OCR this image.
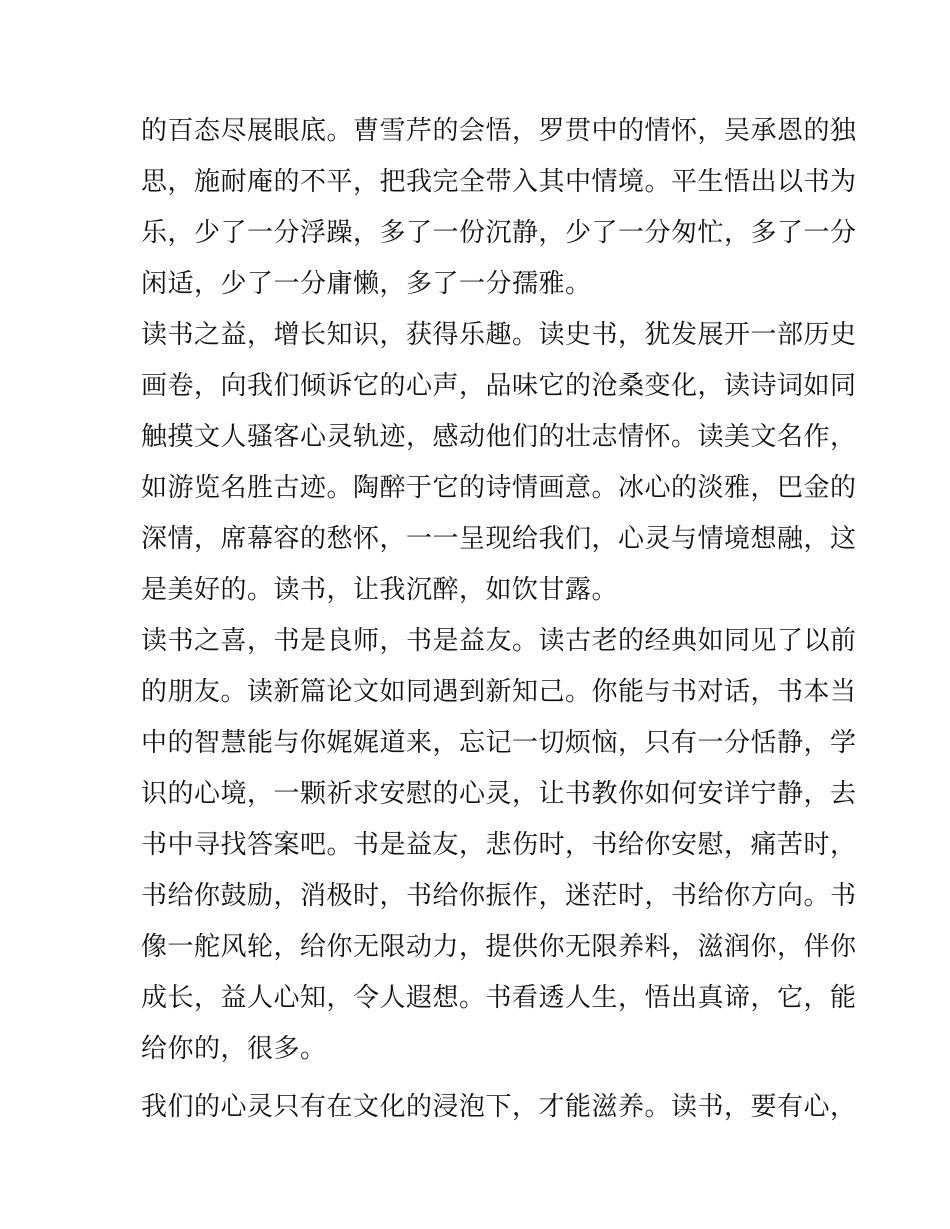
的百态尽展眼底。曹雪芹的会悟，罗贯中的情怀，吴承恩的独
思，施耐庵的不平，把我完全带入其中情境。平生悟出以书为
乐，少了一分浮躁，多了一份沉静，少了一分匆忙，多了一分
闲适，少了一分庸懒，多了一分孺雅。
读书之益，增长知识，获得乐趣。读史书，犹发展开一部历史
画卷，向我们倾诉它的心声，品味它的沧桑变化，读诗词如同
触摸文人骚客心灵轨迹，感动他们的壮志情怀。读美文名作，
如游览名胜古迹。陶醉于它的诗情画意。冰心的淡雅，巴金的
深情，席幕容的愁怀，一一呈现给我们，心灵与情境想融，这
是美好的。读书，让我沉醉，如饮甘露。
读书之喜，书是良师，书是益友。读古老的经典如同见了以前
的朋友。读新篇论文如同遇到新知己。你能与书对话，书本当
中的智慧能与你娓娓道来，忘记一切烦恼，只有一分恬静，学
识的心境，一颗祈求安慰的心灵，让书教你如何安详宁静，去
书中寻找答案吧。书是益友，悲伤时，书给你安慰，痛苦时，
书给你鼓励，消极时，书给你振作，迷茫时，书给你方向。书
像一舵风轮，给你无限动力，提供你无限养料，滋润你，伴你
成长，益人心知，令人遐想。书看透人生，悟出真谛，它，能
给你的，很多。
我们的心灵只有在文化的浸泡下，才能滋养。读书，要有心，
